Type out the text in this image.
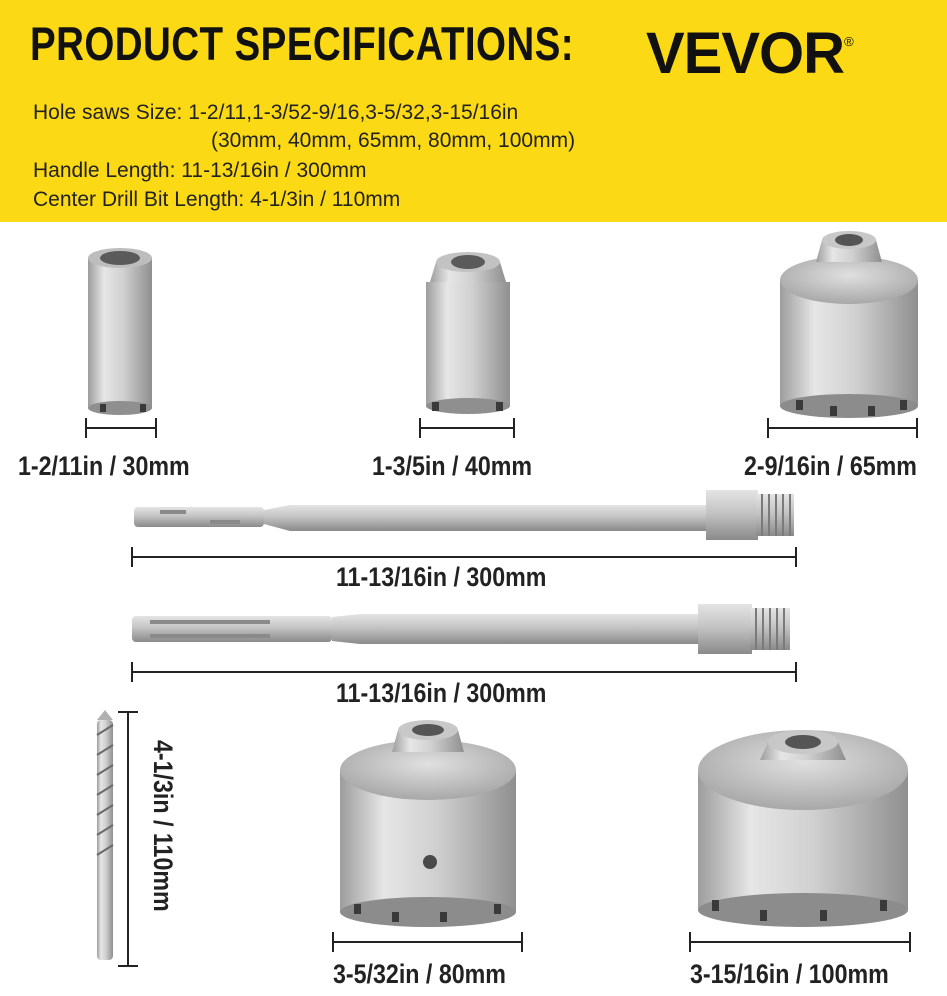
PRODUCT SPECIFICATIONS: VEVOR®
Hole saws Size: 1-2/11,1-3/52-9/16,3-5/32,3-15/16in
(30mm, 40mm, 65mm, 80mm, 100mm)
Handle Length: 11-13/16in / 300mm
Center Drill Bit Length: 4-1/3in / 110mm
1-2/11in / 30mm	1-3/5in / 40mm	2-9/16in / 65mm
11-13/16in / 300mm
11-13/16in / 300mm
4-1/3in / 110mm
3-5/32in / 80mm	3-15/16in / 100mm
